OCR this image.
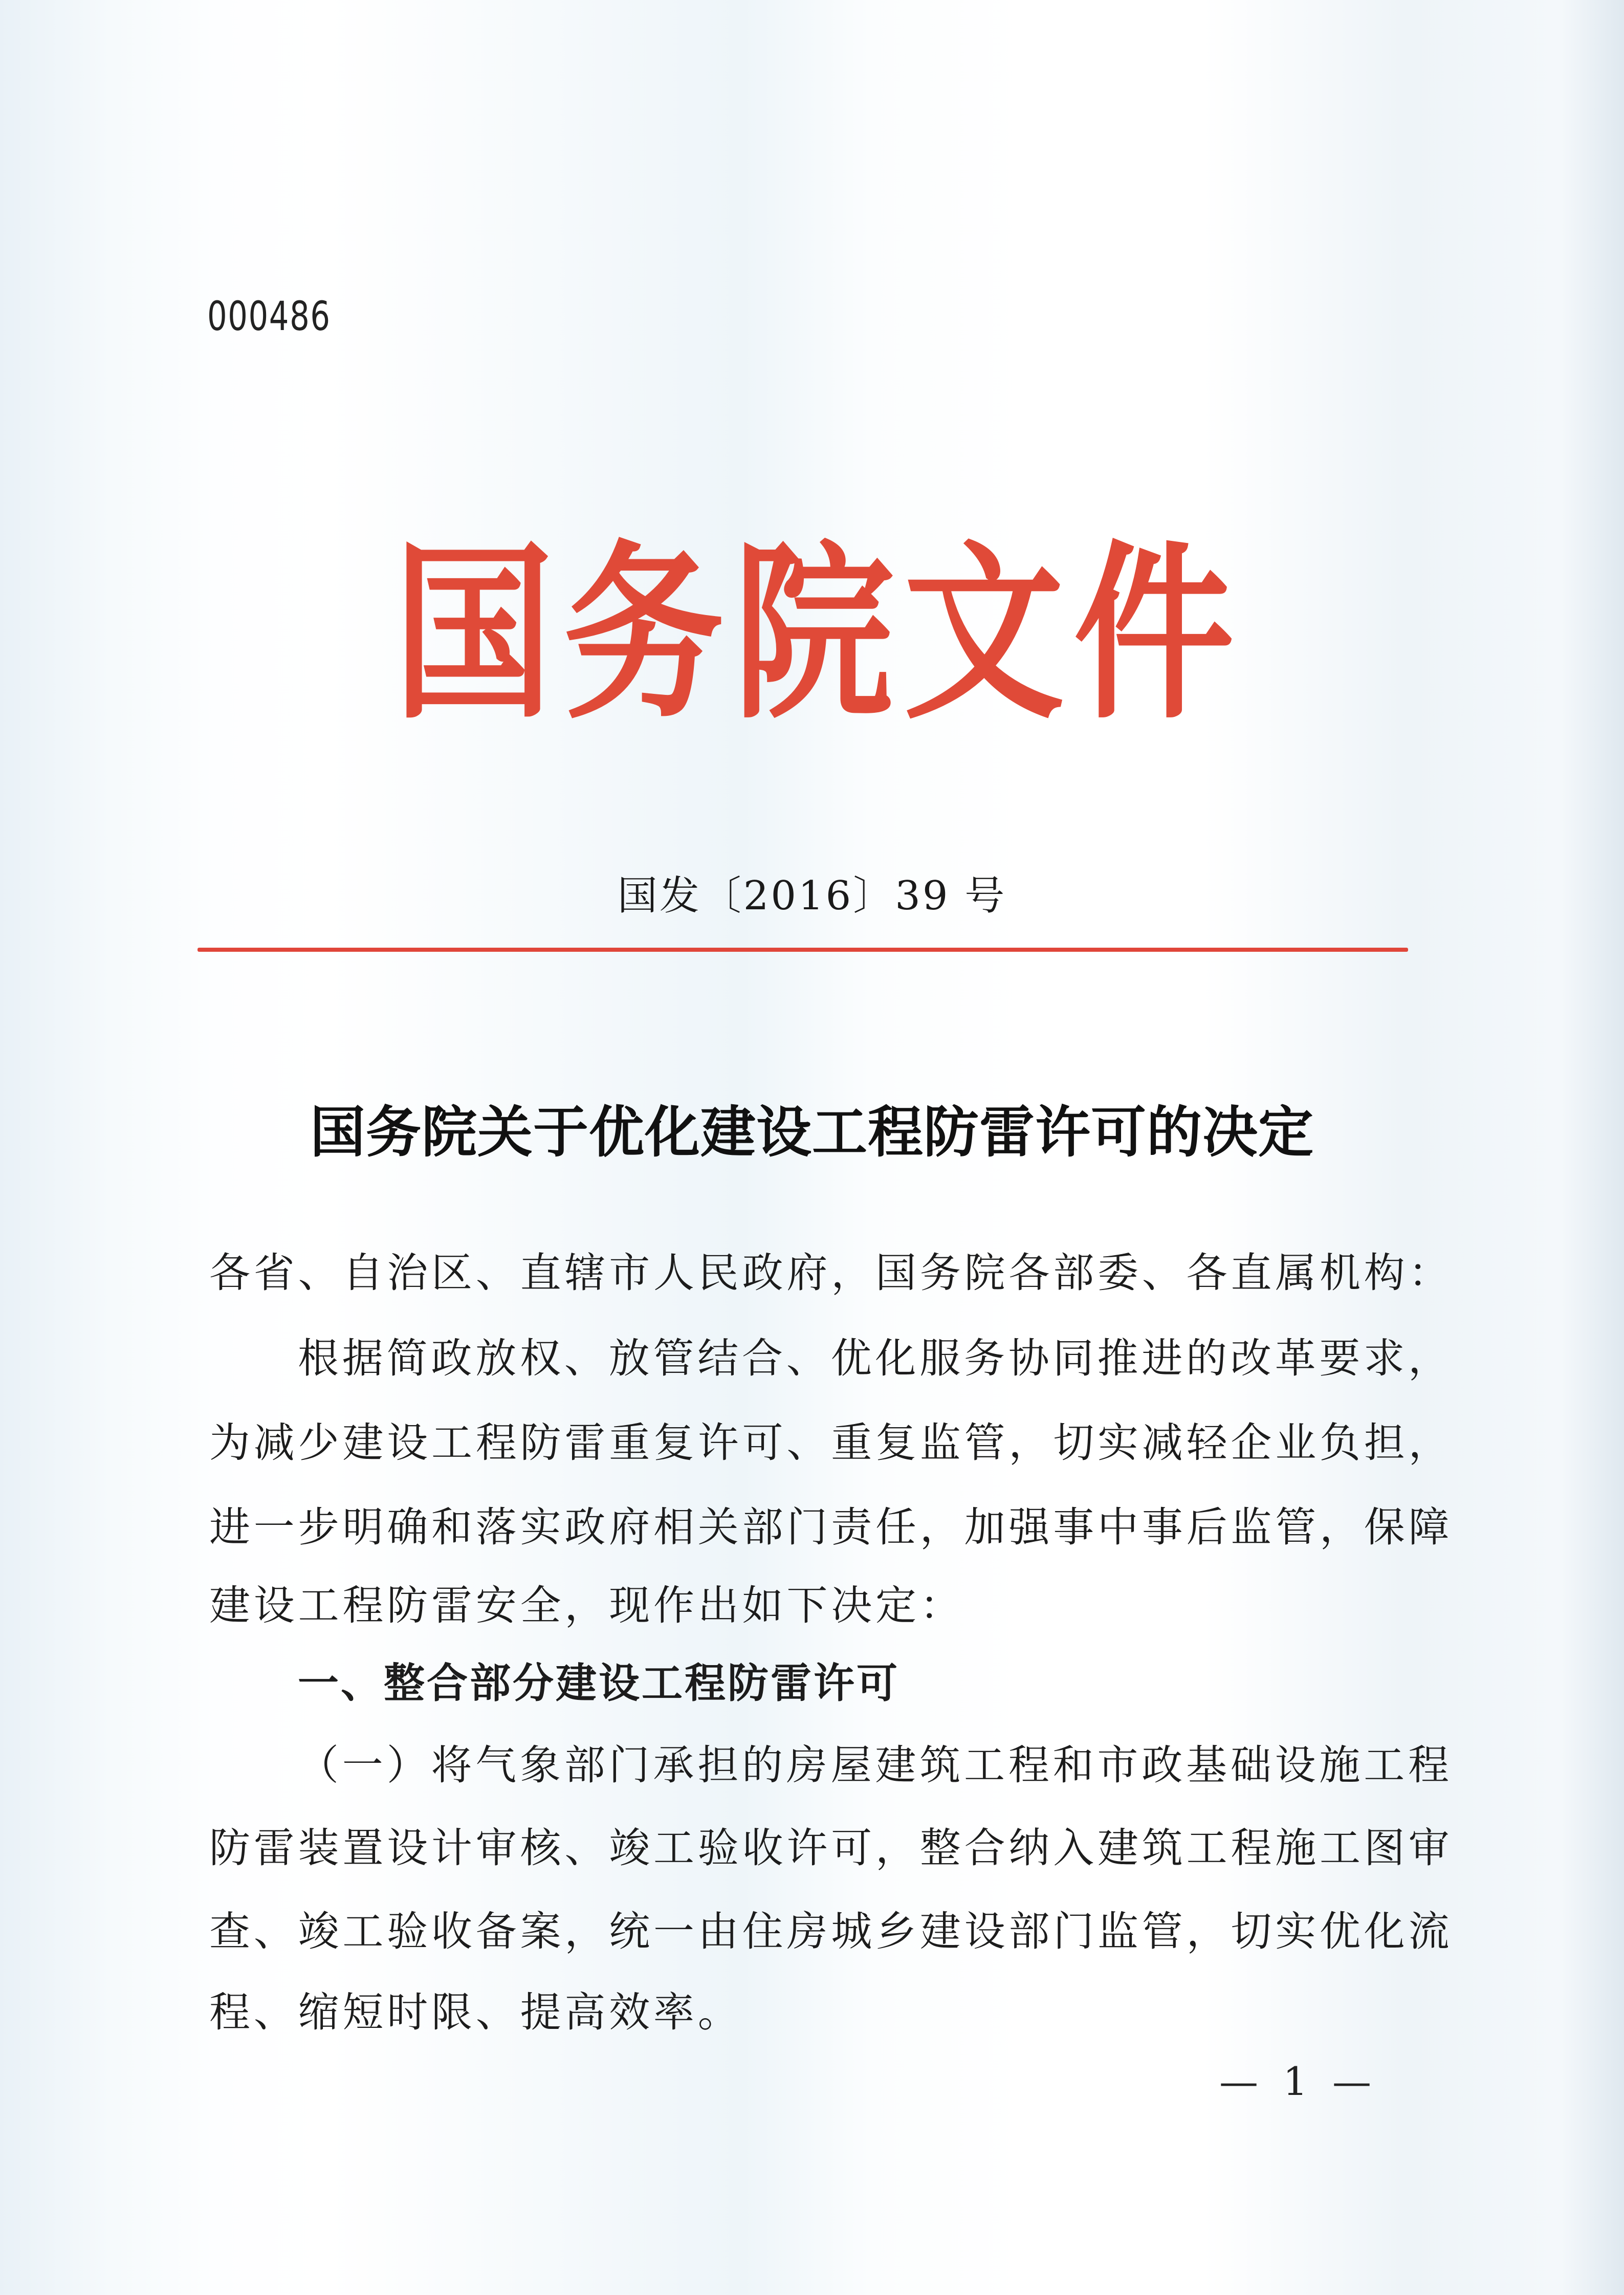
000486
国 务 院 文 件
国发〔2016〕39 号
国务院关于优化建设工程防雷许可的决定
各省、自治区、直辖市人民政府，国务院各部委、各直属机构：
根据简政放权、放管结合、优化服务协同推进的改革要求，
为减少建设工程防雷重复许可、重复监管，切实减轻企业负担，
进一步明确和落实政府相关部门责任，加强事中事后监管，保障
建设工程防雷安全，现作出如下决定：
一、整合部分建设工程防雷许可
（一）将气象部门承担的房屋建筑工程和市政基础设施工程
防雷装置设计审核、竣工验收许可，整合纳入建筑工程施工图审
查、竣工验收备案，统一由住房城乡建设部门监管，切实优化流
程、缩短时限、提高效率。
—  1  —
